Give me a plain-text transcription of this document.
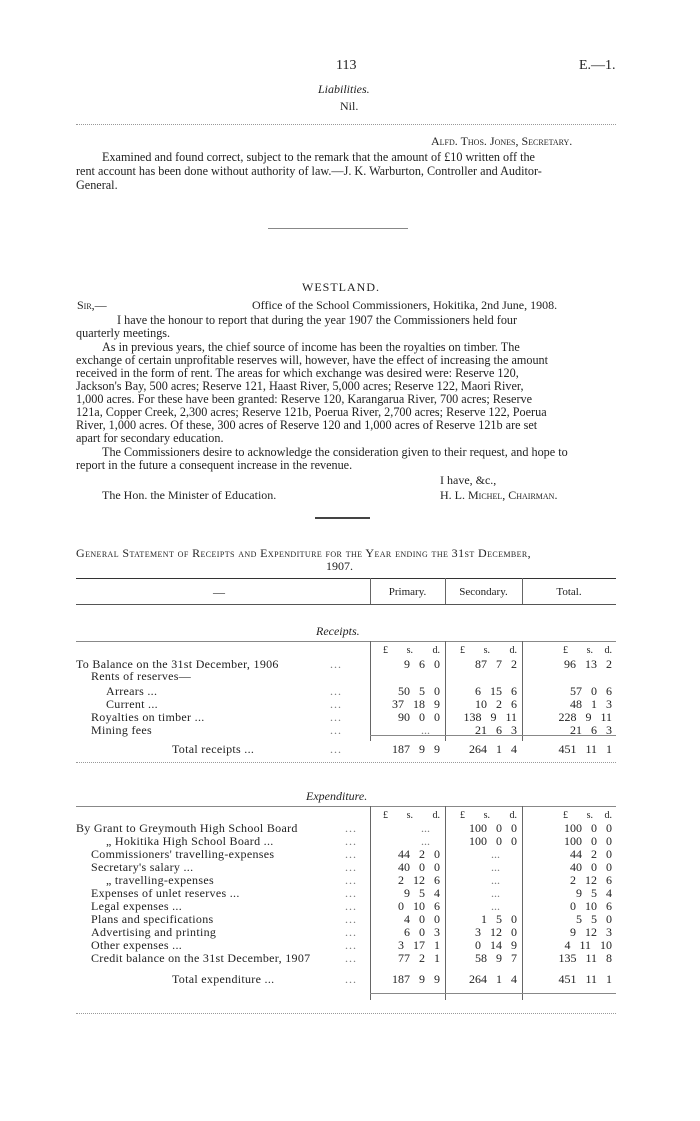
113	E.—1.
Liabilities.
Nil.
Alfd. Thos. Jones, Secretary.
Examined and found correct, subject to the remark that the amount of £10 written off the
rent account has been done without authority of law.—J. K. Warburton, Controller and Auditor-
General.
WESTLAND.
Sir,—	Office of the School Commissioners, Hokitika, 2nd June, 1908.
I have the honour to report that during the year 1907 the Commissioners held four
quarterly meetings.
As in previous years, the chief source of income has been the royalties on timber. The
exchange of certain unprofitable reserves will, however, have the effect of increasing the amount
received in the form of rent. The areas for which exchange was desired were: Reserve 120,
Jackson's Bay, 500 acres; Reserve 121, Haast River, 5,000 acres; Reserve 122, Maori River,
1,000 acres. For these have been granted: Reserve 120, Karangarua River, 700 acres; Reserve
121a, Copper Creek, 2,300 acres; Reserve 121b, Poerua River, 2,700 acres; Reserve 122, Poerua
River, 1,000 acres. Of these, 300 acres of Reserve 120 and 1,000 acres of Reserve 121b are set
apart for secondary education.
The Commissioners desire to acknowledge the consideration given to their request, and hope to
report in the future a consequent increase in the revenue.
I have, &c.,
The Hon. the Minister of Education.	H. L. Michel, Chairman.
General Statement of Receipts and Expenditure for the Year ending the 31st December,
1907.
—	Primary.	Secondary.	Total.
Receipts.
£	s.	d.	£	s.	d.	£	s.	d.
To Balance on the 31st December, 1906	...	9 6 0	87 7 2	96 13 2
Rents of reserves—
Arrears ...	...	50 5 0	6 15 6	57 0 6
Current ...	...	37 18 9	10 2 6	48 1 3
Royalties on timber ...	...	90 0 0	138 9 11	228 9 11
Mining fees	...	...	21 6 3	21 6 3
Total receipts ...	...	187 9 9	264 1 4	451 11 1
Expenditure.
£	s.	d.	£	s.	d.	£	s.	d.
By Grant to Greymouth High School Board	...	...	100 0 0	100 0 0
„ Hokitika High School Board ...	...	...	100 0 0	100 0 0
Commissioners' travelling-expenses	...	44 2 0	...	44 2 0
Secretary's salary ...	...	40 0 0	...	40 0 0
„ travelling-expenses	...	2 12 6	...	2 12 6
Expenses of unlet reserves ...	...	9 5 4	...	9 5 4
Legal expenses ...	...	0 10 6	...	0 10 6
Plans and specifications	...	4 0 0	1 5 0	5 5 0
Advertising and printing	...	6 0 3	3 12 0	9 12 3
Other expenses ...	...	3 17 1	0 14 9	4 11 10
Credit balance on the 31st December, 1907	...	77 2 1	58 9 7	135 11 8
Total expenditure ...	...	187 9 9	264 1 4	451 11 1
